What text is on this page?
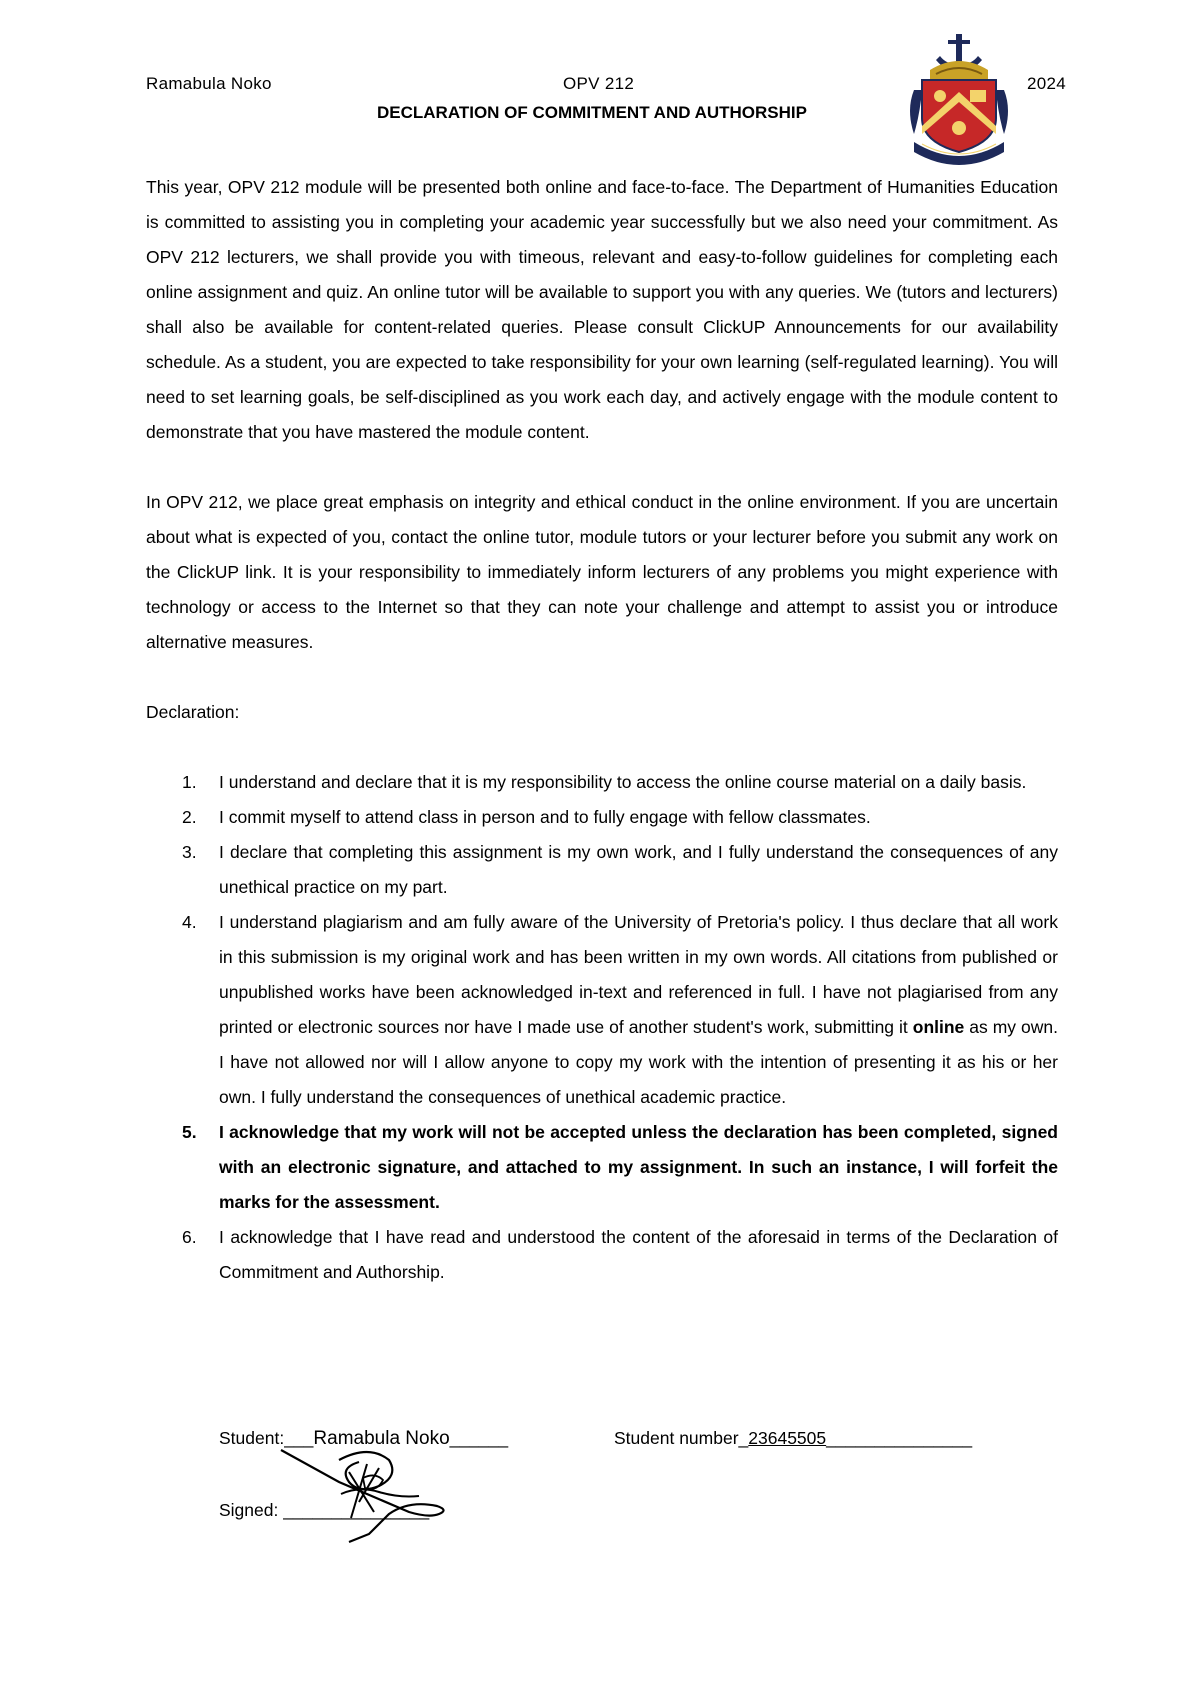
Ramabula Noko	OPV 212	2024
DECLARATION OF COMMITMENT AND AUTHORSHIP

This year, OPV 212 module will be presented both online and face-to-face. The Department of Humanities Education is committed to assisting you in completing your academic year successfully but we also need your commitment. As OPV 212 lecturers, we shall provide you with timeous, relevant and easy-to-follow guidelines for completing each online assignment and quiz. An online tutor will be available to support you with any queries. We (tutors and lecturers) shall also be available for content-related queries. Please consult ClickUP Announcements for our availability schedule. As a student, you are expected to take responsibility for your own learning (self-regulated learning). You will need to set learning goals, be self-disciplined as you work each day, and actively engage with the module content to demonstrate that you have mastered the module content.

In OPV 212, we place great emphasis on integrity and ethical conduct in the online environment. If you are uncertain about what is expected of you, contact the online tutor, module tutors or your lecturer before you submit any work on the ClickUP link. It is your responsibility to immediately inform lecturers of any problems you might experience with technology or access to the Internet so that they can note your challenge and attempt to assist you or introduce alternative measures.

Declaration:

1. I understand and declare that it is my responsibility to access the online course material on a daily basis.
2. I commit myself to attend class in person and to fully engage with fellow classmates.
3. I declare that completing this assignment is my own work, and I fully understand the consequences of any unethical practice on my part.
4. I understand plagiarism and am fully aware of the University of Pretoria's policy. I thus declare that all work in this submission is my original work and has been written in my own words. All citations from published or unpublished works have been acknowledged in-text and referenced in full. I have not plagiarised from any printed or electronic sources nor have I made use of another student's work, submitting it online as my own. I have not allowed nor will I allow anyone to copy my work with the intention of presenting it as his or her own. I fully understand the consequences of unethical academic practice.
5. I acknowledge that my work will not be accepted unless the declaration has been completed, signed with an electronic signature, and attached to my assignment. In such an instance, I will forfeit the marks for the assessment.
6. I acknowledge that I have read and understood the content of the aforesaid in terms of the Declaration of Commitment and Authorship.
Student:___Ramabula Noko______	Student number_23645505_______________
Signed: _______________
